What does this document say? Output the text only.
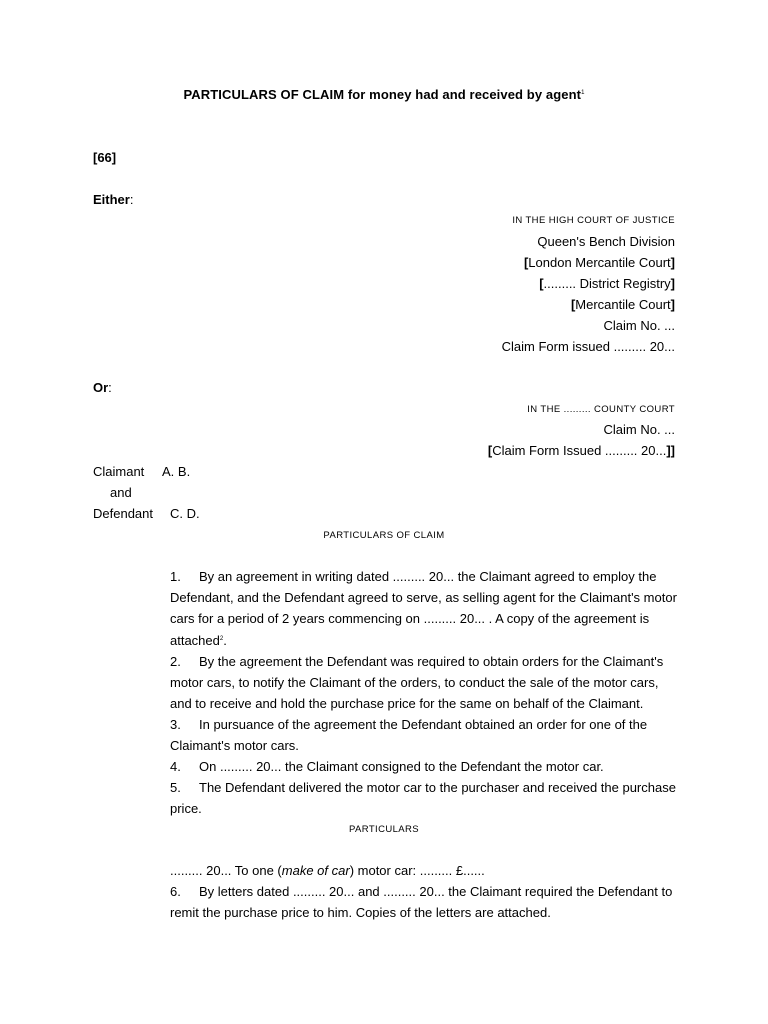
PARTICULARS OF CLAIM for money had and received by agent$^1$
[66]
Either:
IN THE HIGH COURT OF JUSTICE
Queen's Bench Division
[London Mercantile Court]
[......... District Registry]
[Mercantile Court]
Claim No. ...
Claim Form issued ......... 20...
Or:
IN THE ......... COUNTY COURT
Claim No. ...
[Claim Form Issued ......... 20...]]
Claimant A. B.
and
Defendant C. D.
PARTICULARS OF CLAIM
1. By an agreement in writing dated ......... 20... the Claimant agreed to employ the
Defendant, and the Defendant agreed to serve, as selling agent for the Claimant's motor
cars for a period of 2 years commencing on ......... 20... . A copy of the agreement is
attached$^2$.
2. By the agreement the Defendant was required to obtain orders for the Claimant's
motor cars, to notify the Claimant of the orders, to conduct the sale of the motor cars,
and to receive and hold the purchase price for the same on behalf of the Claimant.
3. In pursuance of the agreement the Defendant obtained an order for one of the
Claimant's motor cars.
4. On ......... 20... the Claimant consigned to the Defendant the motor car.
5. The Defendant delivered the motor car to the purchaser and received the purchase
price.
PARTICULARS
......... 20... To one (make of car) motor car: ......... £......
6. By letters dated ......... 20... and ......... 20... the Claimant required the Defendant to
remit the purchase price to him. Copies of the letters are attached.
